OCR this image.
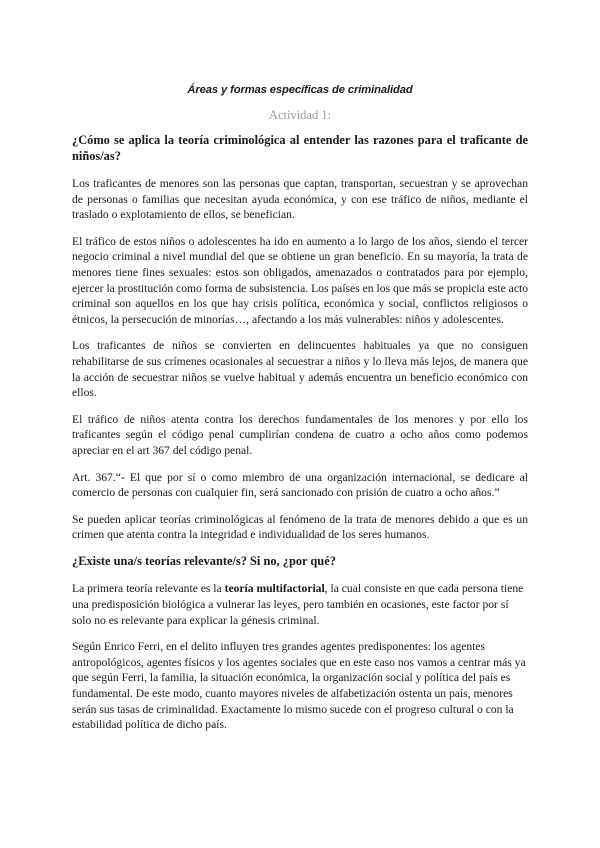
Áreas y formas específicas de criminalidad
Actividad 1:
¿Cómo se aplica la teoría criminológica al entender las razones para el traficante de niños/as?

Los traficantes de menores son las personas que captan, transportan, secuestran y se aprovechan de personas o familias que necesitan ayuda económica, y con ese tráfico de niños, mediante el traslado o explotamiento de ellos, se benefician.

El tráfico de estos niños o adolescentes ha ido en aumento a lo largo de los años, siendo el tercer negocio criminal a nivel mundial del que se obtiene un gran beneficio. En su mayoría, la trata de menores tiene fines sexuales: estos son obligados, amenazados o contratados para por ejemplo, ejercer la prostitución como forma de subsistencia. Los países en los que más se propicia este acto criminal son aquellos en los que hay crisis política, económica y social, conflictos religiosos o étnicos, la persecución de minorías…, afectando a los más vulnerables: niños y adolescentes.

Los traficantes de niños se convierten en delincuentes habituales ya que no consiguen rehabilitarse de sus crímenes ocasionales al secuestrar a niños y lo lleva más lejos, de manera que la acción de secuestrar niños se vuelve habitual y además encuentra un beneficio económico con ellos.

El tráfico de niños atenta contra los derechos fundamentales de los menores y por ello los traficantes según el código penal cumplirían condena de cuatro a ocho años como podemos apreciar en el art 367 del código penal.

Art. 367.“- El que por sí o como miembro de una organización internacional, se dedicare al comercio de personas con cualquier fin, será sancionado con prisión de cuatro a ocho años.”

Se pueden aplicar teorías criminológicas al fenómeno de la trata de menores debido a que es un crimen que atenta contra la integridad e individualidad de los seres humanos.

¿Existe una/s teorías relevante/s? Si no, ¿por qué?

La primera teoría relevante es la teoría multifactorial, la cual consiste en que cada persona tiene una predisposición biológica a vulnerar las leyes, pero también en ocasiones, este factor por sí solo no es relevante para explicar la génesis criminal.

Según Enrico Ferri, en el delito influyen tres grandes agentes predisponentes: los agentes antropológicos, agentes físicos y los agentes sociales que en este caso nos vamos a centrar más ya que según Ferri, la familia, la situación económica, la organización social y política del país es fundamental. De este modo, cuanto mayores niveles de alfabetización ostenta un país, menores serán sus tasas de criminalidad. Exactamente lo mismo sucede con el progreso cultural o con la estabilidad política de dicho país.
